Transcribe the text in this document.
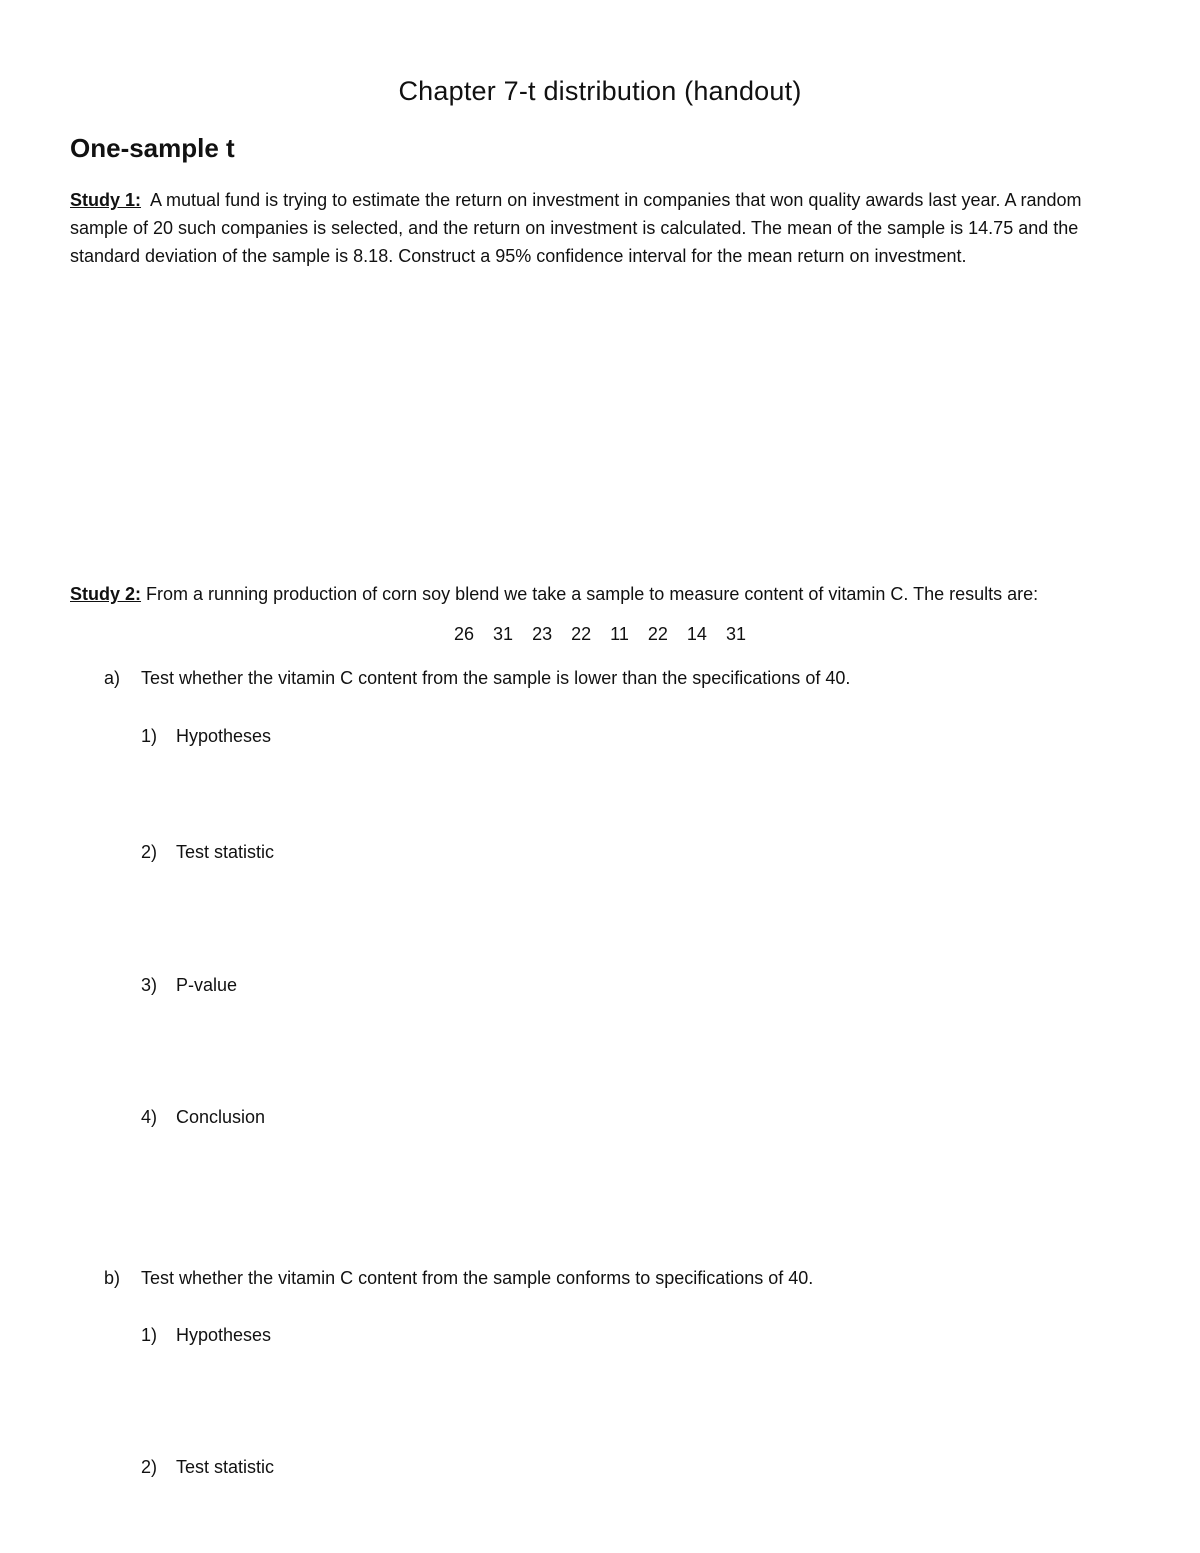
Chapter 7-t distribution (handout)
One-sample t
Study 1: A mutual fund is trying to estimate the return on investment in companies that won quality awards last year. A random sample of 20 such companies is selected, and the return on investment is calculated. The mean of the sample is 14.75 and the standard deviation of the sample is 8.18. Construct a 95% confidence interval for the mean return on investment.
Study 2: From a running production of corn soy blend we take a sample to measure content of vitamin C. The results are:
26 31 23 22 11 22 14 31
a) Test whether the vitamin C content from the sample is lower than the specifications of 40.
1) Hypotheses
2) Test statistic
3) P-value
4) Conclusion
b) Test whether the vitamin C content from the sample conforms to specifications of 40.
1) Hypotheses
2) Test statistic
